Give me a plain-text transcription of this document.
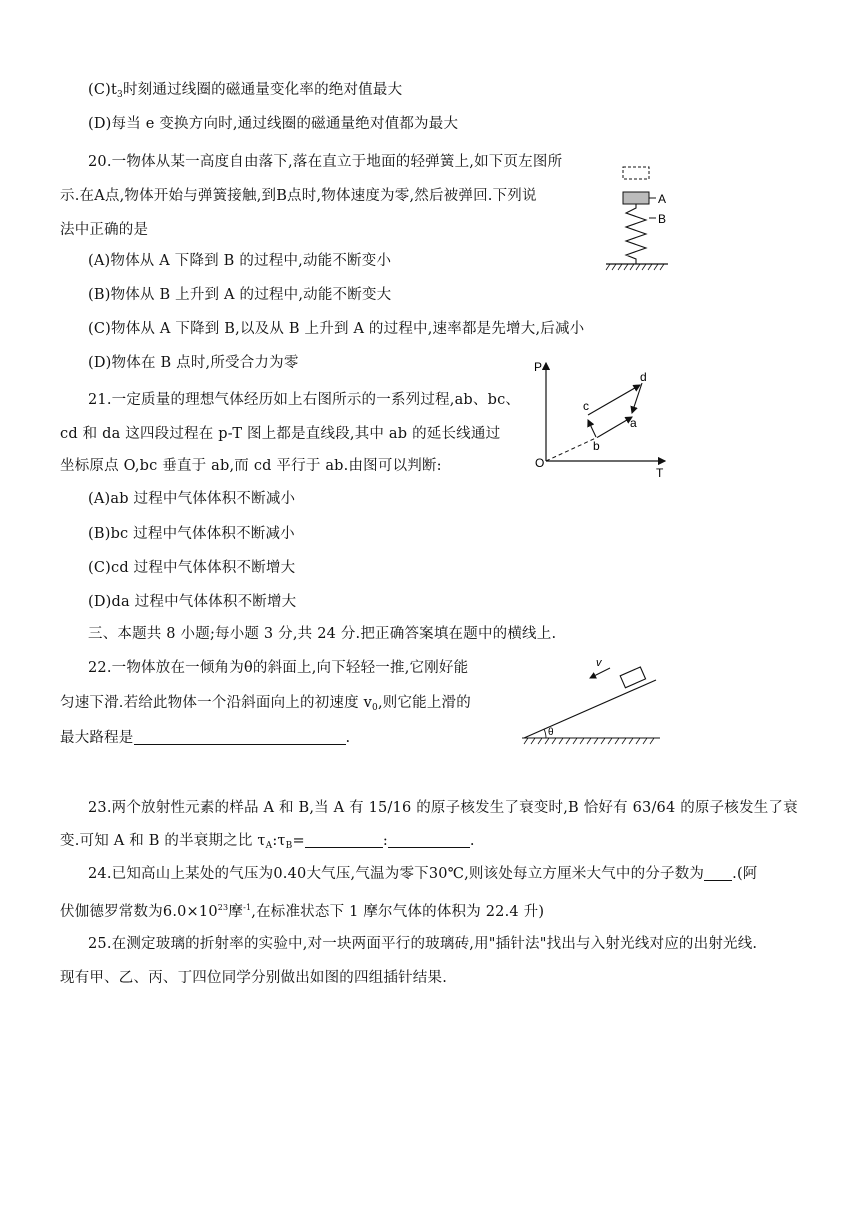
$(C)t_3$时刻通过线圈的磁通量变化率的绝对值最大
(D)每当 e 变换方向时,通过线圈的磁通量绝对值都为最大
20.一物体从某一高度自由落下,落在直立于地面的轻弹簧上,如下页左图所
示.在A点,物体开始与弹簧接触,到B点时,物体速度为零,然后被弹回.下列说
法中正确的是
(A)物体从 A 下降到 B 的过程中,动能不断变小
(B)物体从 B 上升到 A 的过程中,动能不断变大
(C)物体从 A 下降到 B,以及从 B 上升到 A 的过程中,速率都是先增大,后减小
(D)物体在 B 点时,所受合力为零
A
B
21.一定质量的理想气体经历如上右图所示的一系列过程,ab、bc、
cd 和 da 这四段过程在 p-T 图上都是直线段,其中 ab 的延长线通过
坐标原点 O,bc 垂直于 ab,而 cd 平行于 ab.由图可以判断:
(A)ab 过程中气体体积不断减小
(B)bc 过程中气体体积不断减小
(C)cd 过程中气体体积不断增大
(D)da 过程中气体体积不断增大
P
T
O
a
b
c
d
三、本题共 8 小题;每小题 3 分,共 24 分.把正确答案填在题中的横线上.
22.一物体放在一倾角为θ的斜面上,向下轻轻一推,它刚好能
匀速下滑.若给此物体一个沿斜面向上的初速度 $v_0$,则它能上滑的
最大路程是	.	θ
v
23.两个放射性元素的样品 A 和 B,当 A 有 15/16 的原子核发生了衰变时,B 恰好有 63/64 的原子核发生了衰
变.可知 A 和 B 的半衰期之比 $\tau_A:\tau_B=$	:	.
24.已知高山上某处的气压为0.40大气压,气温为零下30℃,则该处每立方厘米大气中的分子数为 .(阿
伏伽德罗常数为$6.0\times 10^{23}$摩$^{-1}$,在标准状态下 1 摩尔气体的体积为 22.4 升)
25.在测定玻璃的折射率的实验中,对一块两面平行的玻璃砖,用"插针法"找出与入射光线对应的出射光线.
现有甲、乙、丙、丁四位同学分别做出如图的四组插针结果.
